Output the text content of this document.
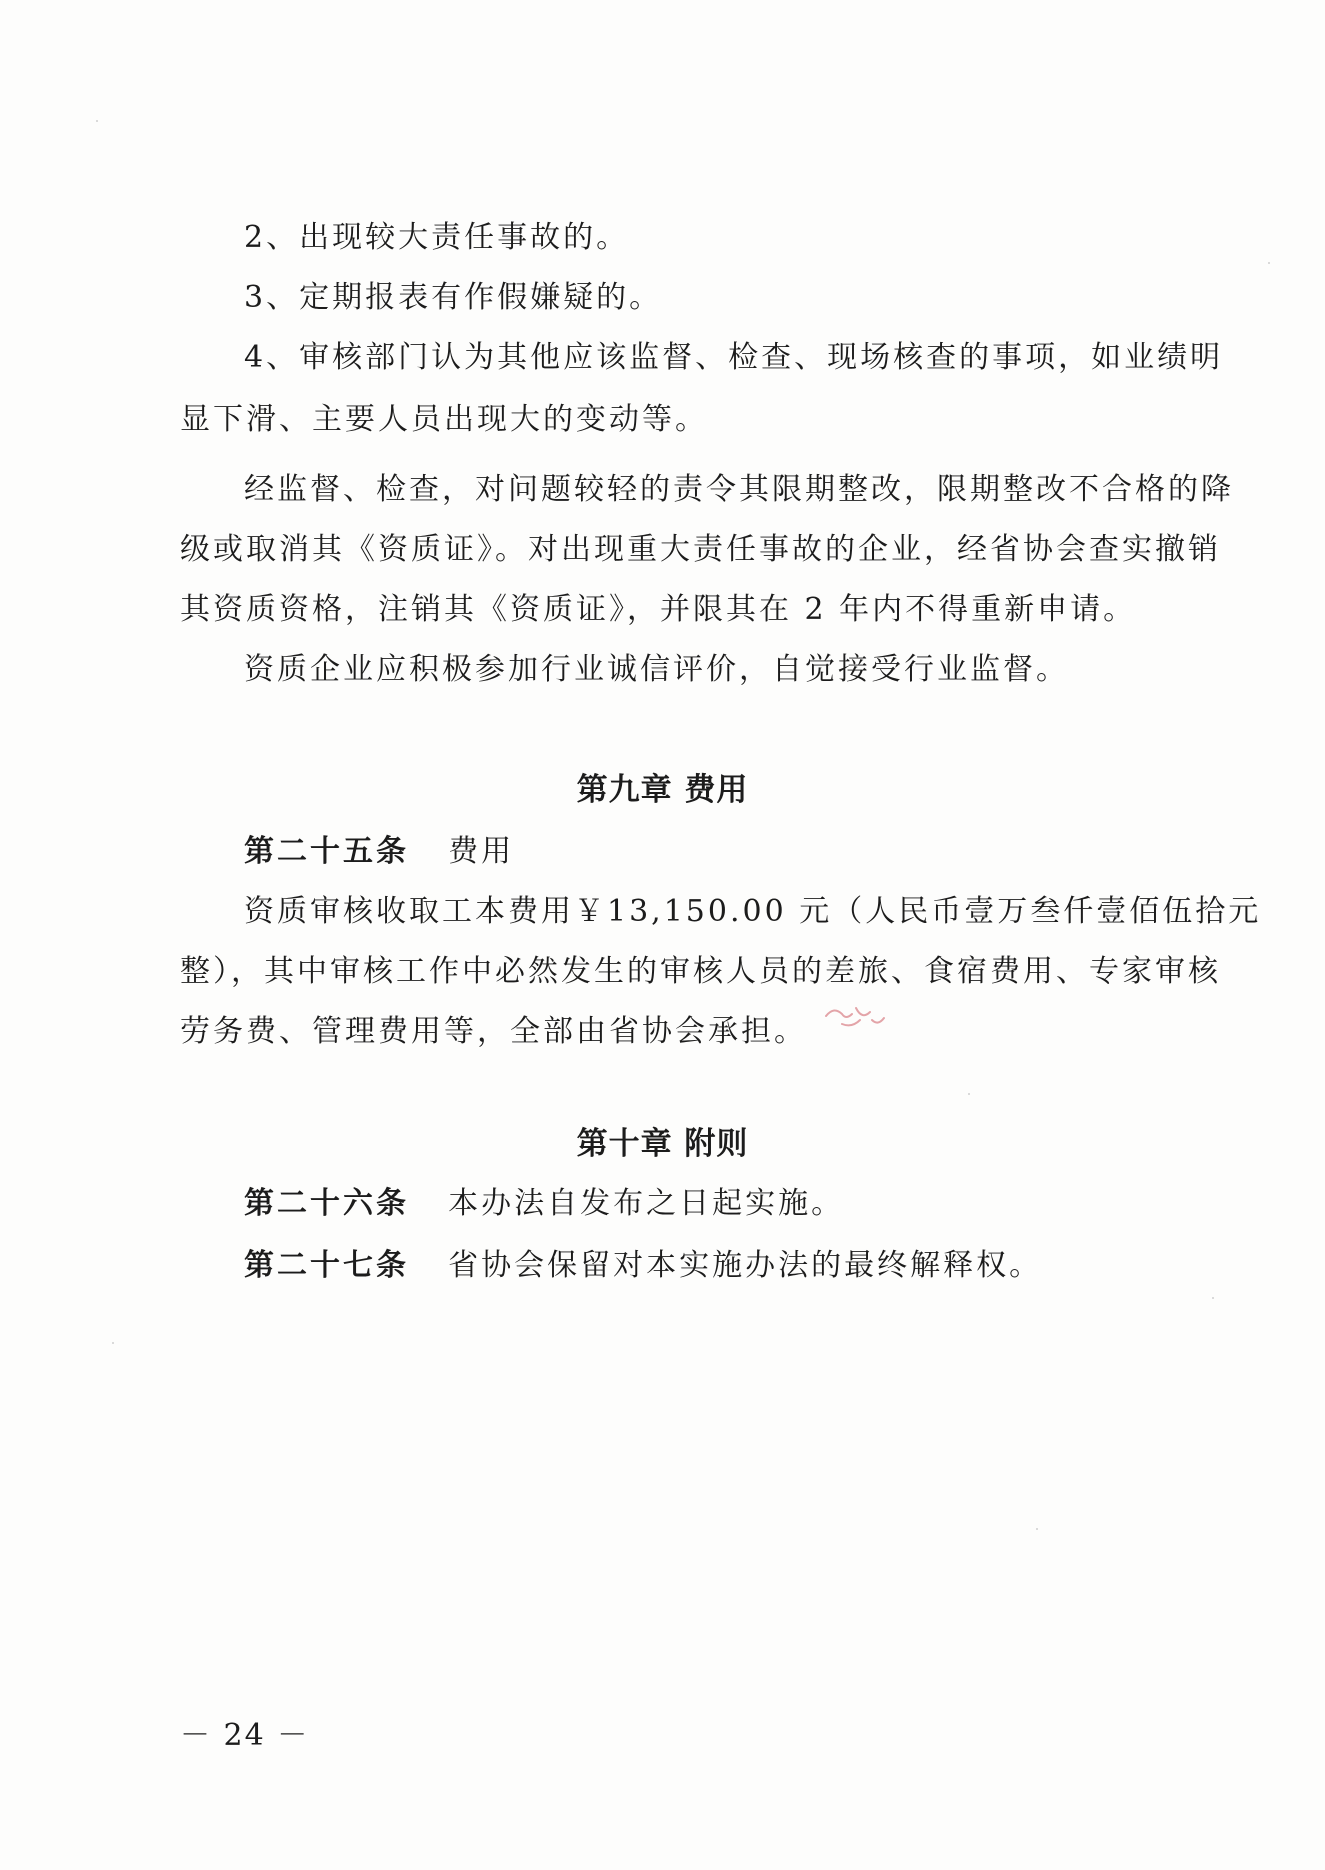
2、出现较大责任事故的。
3、定期报表有作假嫌疑的。
4、审核部门认为其他应该监督、检查、现场核查的事项，如业绩明
显下滑、主要人员出现大的变动等。
经监督、检查，对问题较轻的责令其限期整改，限期整改不合格的降
级或取消其《资质证》。对出现重大责任事故的企业，经省协会查实撤销
其资质资格，注销其《资质证》，并限其在 2 年内不得重新申请。
资质企业应积极参加行业诚信评价，自觉接受行业监督。
第九章 费用
第二十五条 费用
资质审核收取工本费用￥13,150.00 元（人民币壹万叁仟壹佰伍拾元
整），其中审核工作中必然发生的审核人员的差旅、食宿费用、专家审核
劳务费、管理费用等，全部由省协会承担。
第十章 附则
第二十六条 本办法自发布之日起实施。
第二十七条 省协会保留对本实施办法的最终解释权。
－ 24 －
